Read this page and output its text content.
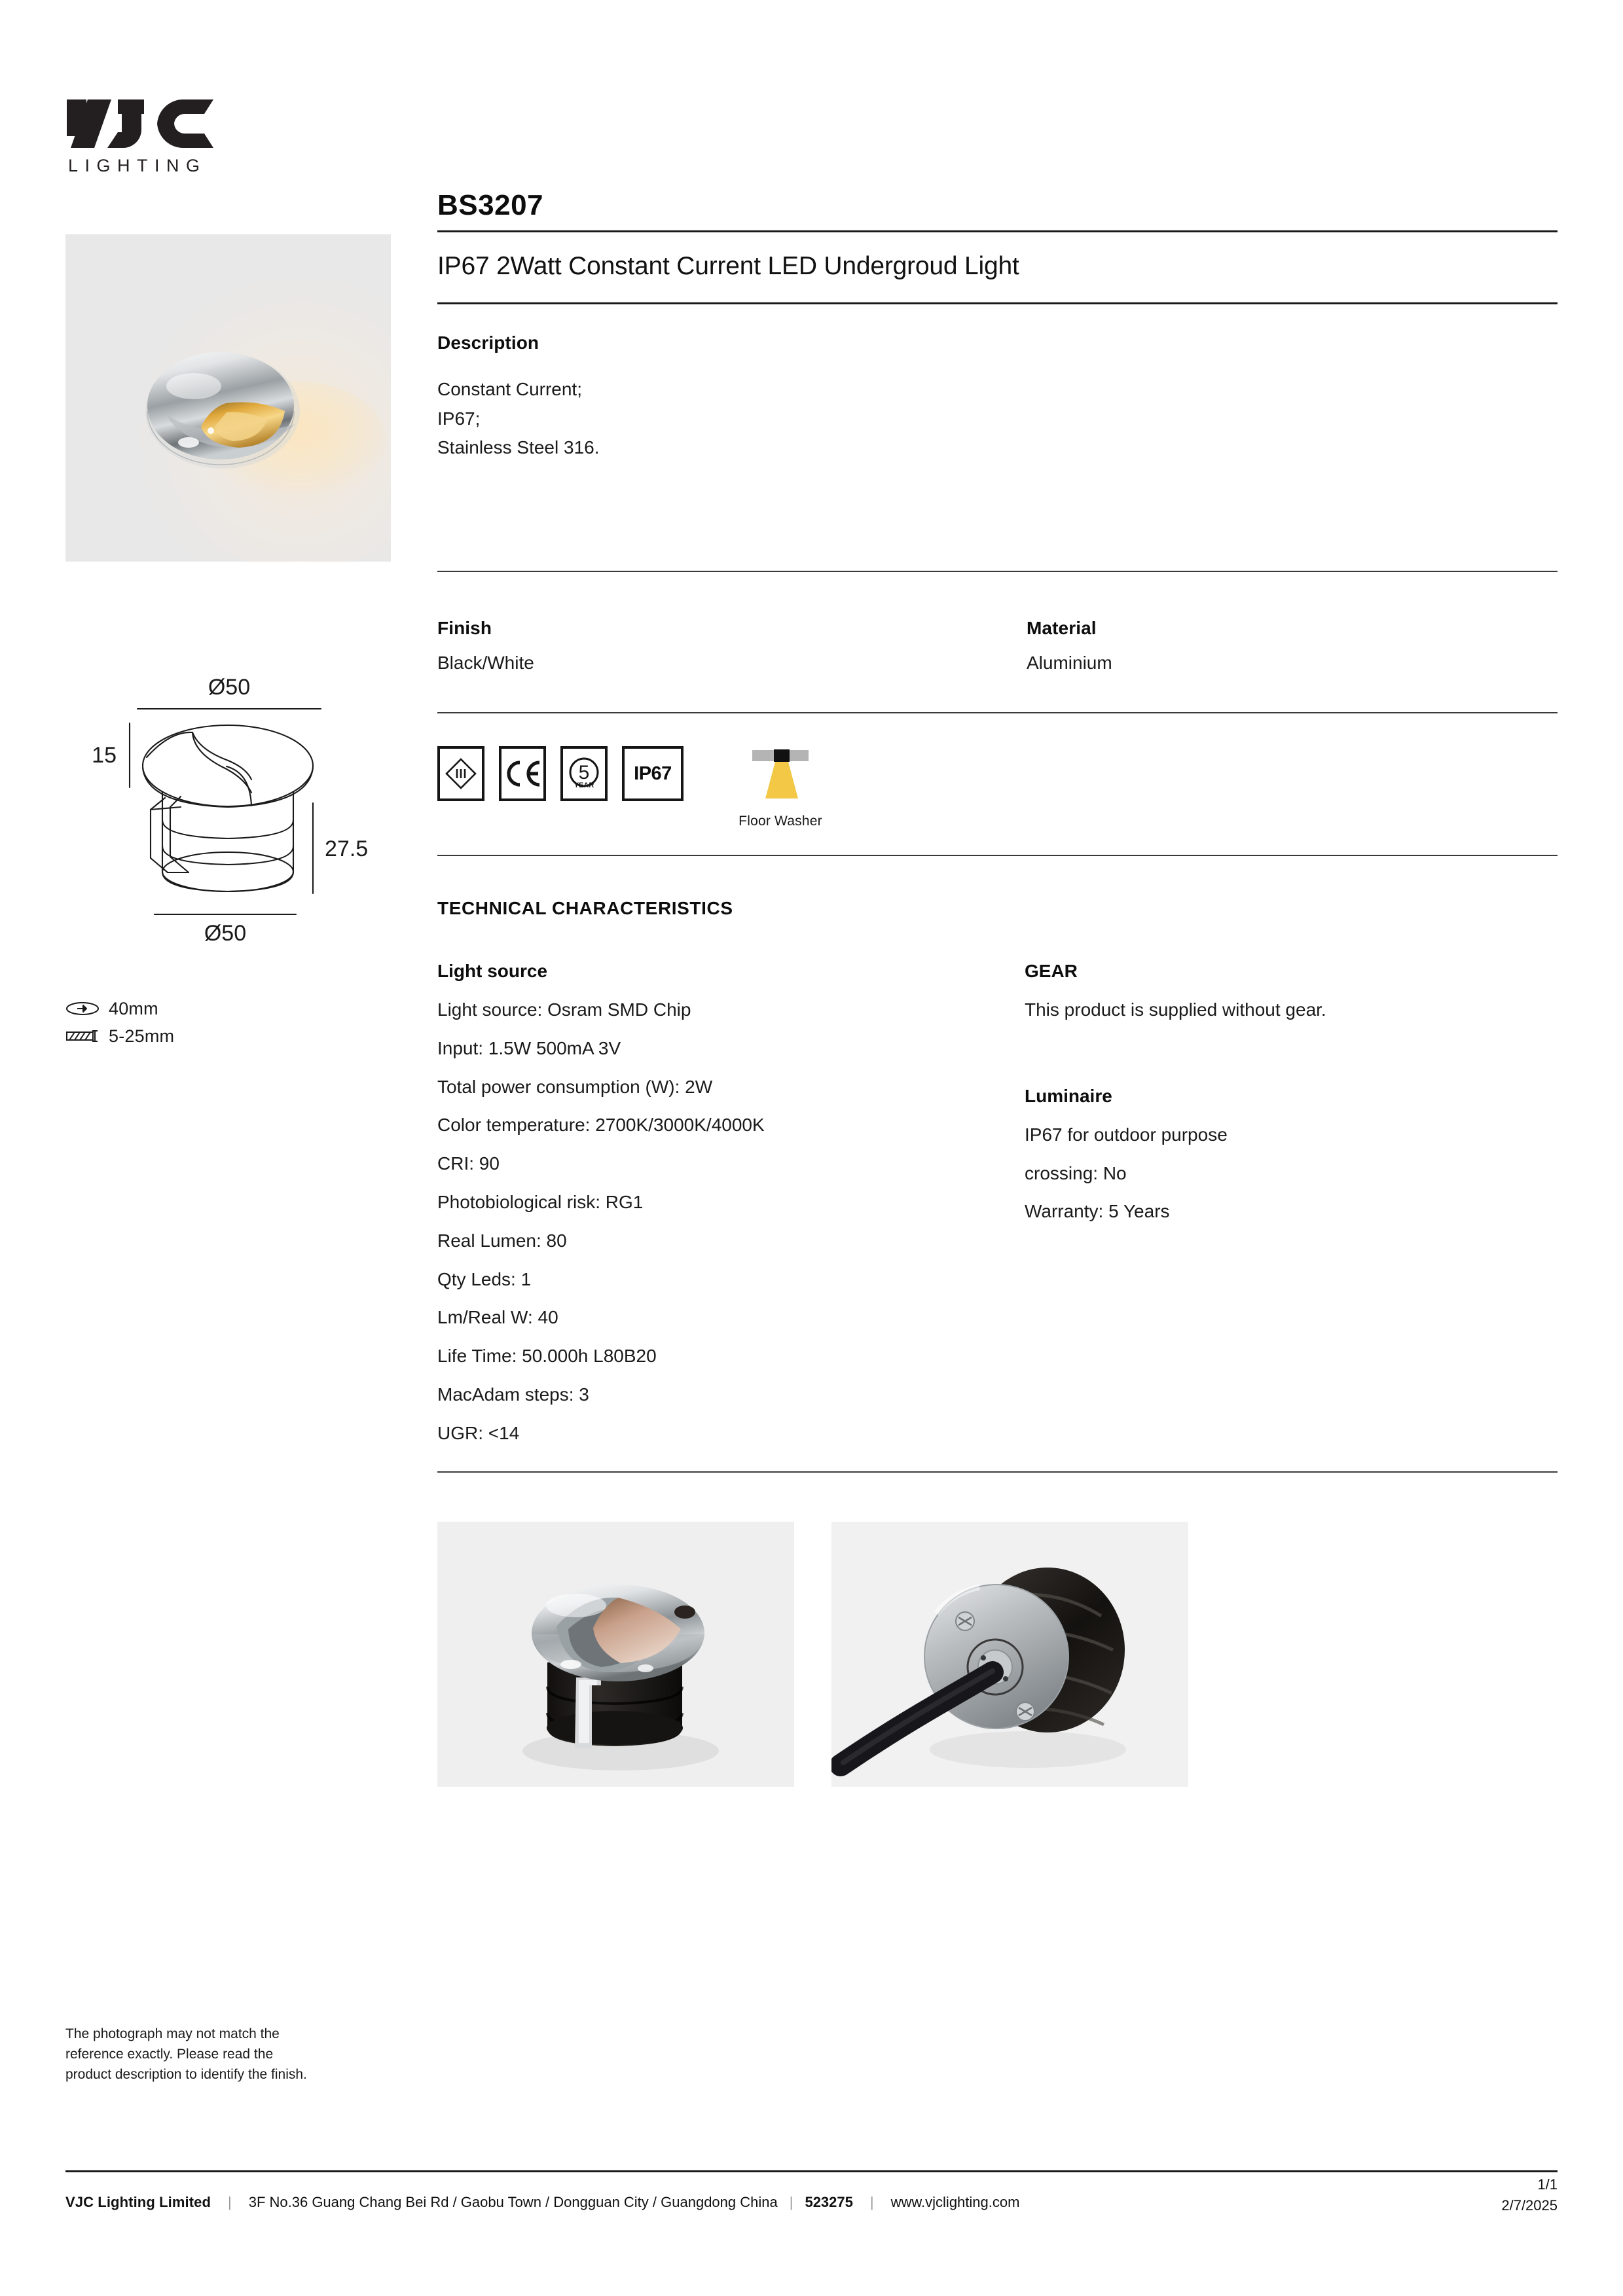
LIGHTING
Ø50
15
27.5
Ø50
40mm
5-25mm
BS3207
IP67 2Watt Constant Current LED Undergroud Light
Description
Constant Current;
IP67;
Stainless Steel 316.
Finish
Black/White
Material
Aluminium
5
YEAR
IP67
Floor Washer
TECHNICAL CHARACTERISTICS
Light source
Light source: Osram SMD Chip
Input: 1.5W 500mA 3V
Total power consumption (W): 2W
Color temperature: 2700K/3000K/4000K
CRI: 90
Photobiological risk: RG1
Real Lumen: 80
Qty Leds: 1
Lm/Real W: 40
Life Time: 50.000h L80B20
MacAdam steps: 3
UGR: <14
GEAR
This product is supplied without gear.
Luminaire
IP67 for outdoor purpose
crossing: No
Warranty: 5 Years
The photograph may not match the
reference exactly. Please read the
product description to identify the finish.
VJC Lighting Limited | 3F No.36 Guang Chang Bei Rd / Gaobu Town / Dongguan City / Guangdong China | 523275 | www.vjclighting.com
1/1
2/7/2025
